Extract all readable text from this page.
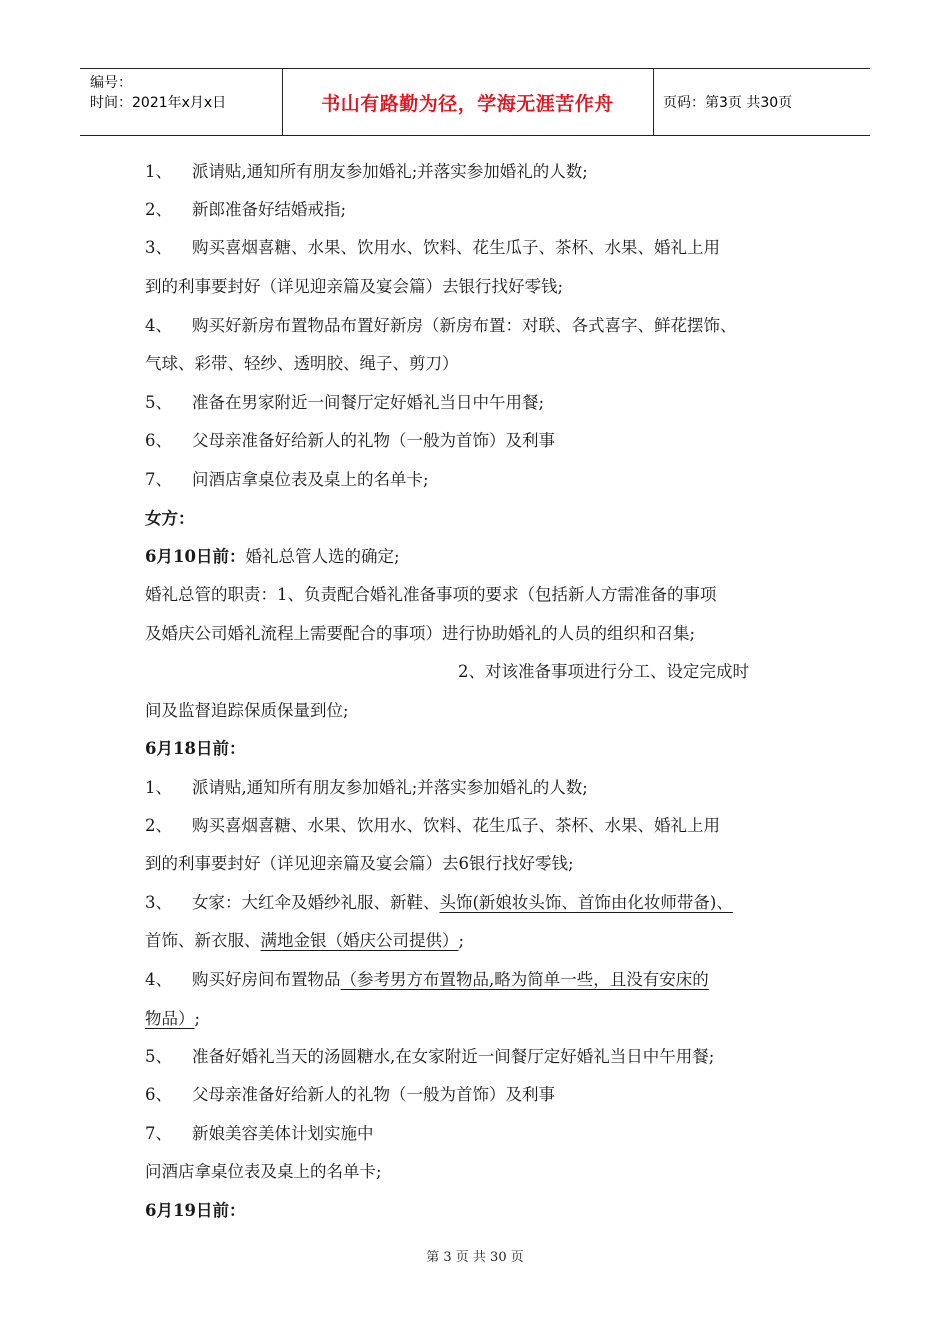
编号：
时间：2021年x月x日	书山有路勤为径，学海无涯苦作舟	页码：第3页 共30页
1、 派请贴,通知所有朋友参加婚礼;并落实参加婚礼的人数;
2、 新郎准备好结婚戒指;
3、 购买喜烟喜糖、水果、饮用水、饮料、花生瓜子、茶杯、水果、婚礼上用
到的利事要封好（详见迎亲篇及宴会篇）去银行找好零钱;
4、 购买好新房布置物品布置好新房（新房布置：对联、各式喜字、鲜花摆饰、
气球、彩带、轻纱、透明胶、绳子、剪刀）
5、 准备在男家附近一间餐厅定好婚礼当日中午用餐;
6、 父母亲准备好给新人的礼物（一般为首饰）及利事
7、 问酒店拿桌位表及桌上的名单卡;
女方：
6月10日前：婚礼总管人选的确定;
婚礼总管的职责：1、负责配合婚礼准备事项的要求（包括新人方需准备的事项
及婚庆公司婚礼流程上需要配合的事项）进行协助婚礼的人员的组织和召集;
2、对该准备事项进行分工、设定完成时
间及监督追踪保质保量到位;
6月18日前：
1、 派请贴,通知所有朋友参加婚礼;并落实参加婚礼的人数;
2、 购买喜烟喜糖、水果、饮用水、饮料、花生瓜子、茶杯、水果、婚礼上用
到的利事要封好（详见迎亲篇及宴会篇）去6银行找好零钱;
3、 女家：大红伞及婚纱礼服、新鞋、头饰(新娘妆头饰、首饰由化妆师带备)、
首饰、新衣服、满地金银（婚庆公司提供）;
4、 购买好房间布置物品（参考男方布置物品,略为简单一些，且没有安床的
物品）;
5、 准备好婚礼当天的汤圆糖水,在女家附近一间餐厅定好婚礼当日中午用餐;
6、 父母亲准备好给新人的礼物（一般为首饰）及利事
7、 新娘美容美体计划实施中
问酒店拿桌位表及桌上的名单卡;
6月19日前：
第 3 页 共 30 页
